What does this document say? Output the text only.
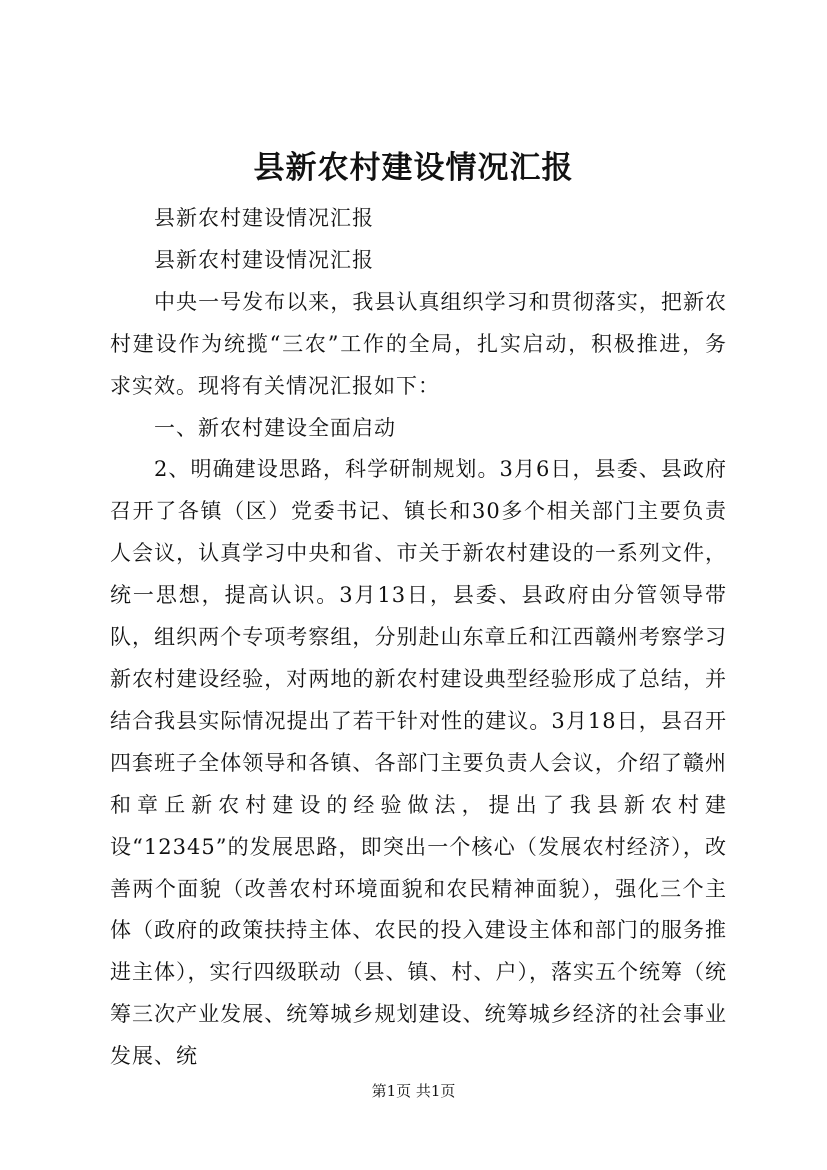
县新农村建设情况汇报

县新农村建设情况汇报

县新农村建设情况汇报

中央一号发布以来，我县认真组织学习和贯彻落实，把新农村建设作为统揽“三农”工作的全局，扎实启动，积极推进，务求实效。现将有关情况汇报如下：

一、新农村建设全面启动

2、明确建设思路，科学研制规划。3月6日，县委、县政府召开了各镇（区）党委书记、镇长和30多个相关部门主要负责人会议，认真学习中央和省、市关于新农村建设的一系列文件，统一思想，提高认识。3月13日，县委、县政府由分管领导带队，组织两个专项考察组，分别赴山东章丘和江西赣州考察学习新农村建设经验，对两地的新农村建设典型经验形成了总结，并结合我县实际情况提出了若干针对性的建议。3月18日，县召开四套班子全体领导和各镇、各部门主要负责人会议，介绍了赣州和章丘新农村建设的经验做法，提出了我县新农村建设“12345”的发展思路，即突出一个核心（发展农村经济），改善两个面貌（改善农村环境面貌和农民精神面貌），强化三个主体（政府的政策扶持主体、农民的投入建设主体和部门的服务推进主体），实行四级联动（县、镇、村、户），落实五个统筹（统筹三次产业发展、统筹城乡规划建设、统筹城乡经济的社会事业发展、统

第1页 共1页
